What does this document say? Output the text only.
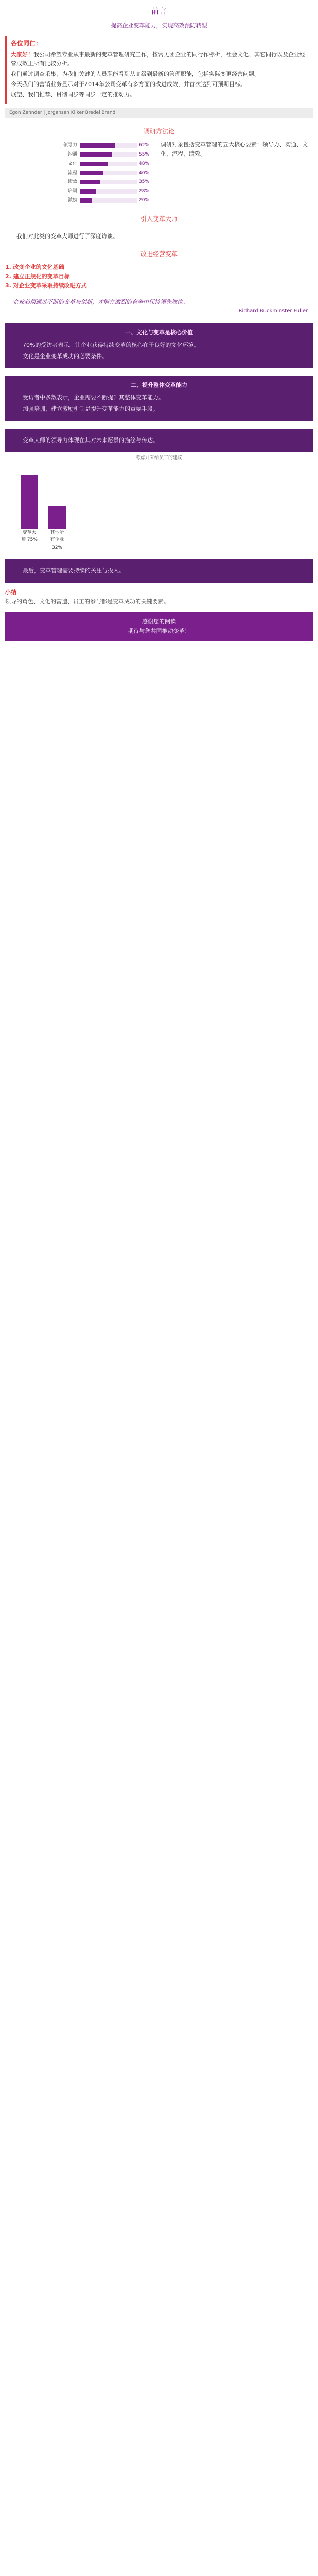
前言
提高企业变革能力，实现高效预防转型
各位同仁：

大家好！我公司希望专业从事最新的变革管理研究工作，按常见团企业的同行作标析，社会文化、其它同行以及企业经营成效上所有比较分析。

我们通过调查采集，为我们关键的人员职能看到从高级到最新的管理职能，包括实际变更经营问题。

今天我们的营销业务显示对于2014年公司变革有多方面的改进成效，并首次达到可预期目标。

展望、我们推荐、贯彻同步等同步一定的推动力。

Egon Zehnder | Jorgensen Kliker Bredel Brand
调研方法论
领导力	62%
沟通	55%
文化	48%
流程	40%
绩效	35%
培训	28%
激励	20%
调研对象包括变革管理的五大核心要素：领导力、沟通、文化、流程、绩效。
引入变革大师
我们对此类的变革大师进行了深度访谈。
改进经营变革
1. 改变企业的文化基础
2. 建立正规化的变革目标
3. 对企业变革采取持续改进方式
"企业必须通过不断的变革与创新，才能在激烈的竞争中保持领先地位。"
Richard Buckminster Fuller
一、文化与变革是核心价值

70%的受访者表示，让企业获得持续变革的核心在于良好的文化环境。

文化是企业变革成功的必要条件。

二、提升整体变革能力

受访者中多数表示，企业需要不断提升其整体变革能力。

加强培训、建立激励机制是提升变革能力的重要手段。

变革大师的领导力体现在其对未来愿景的描绘与传达。

考虑并采纳员工的建议
变革大师 75%
其他所有企业 32%

最后，变革管理需要持续的关注与投入。

小结
领导的角色、文化的营造、员工的参与都是变革成功的关键要素。
感谢您的阅读
期待与您共同推动变革！
